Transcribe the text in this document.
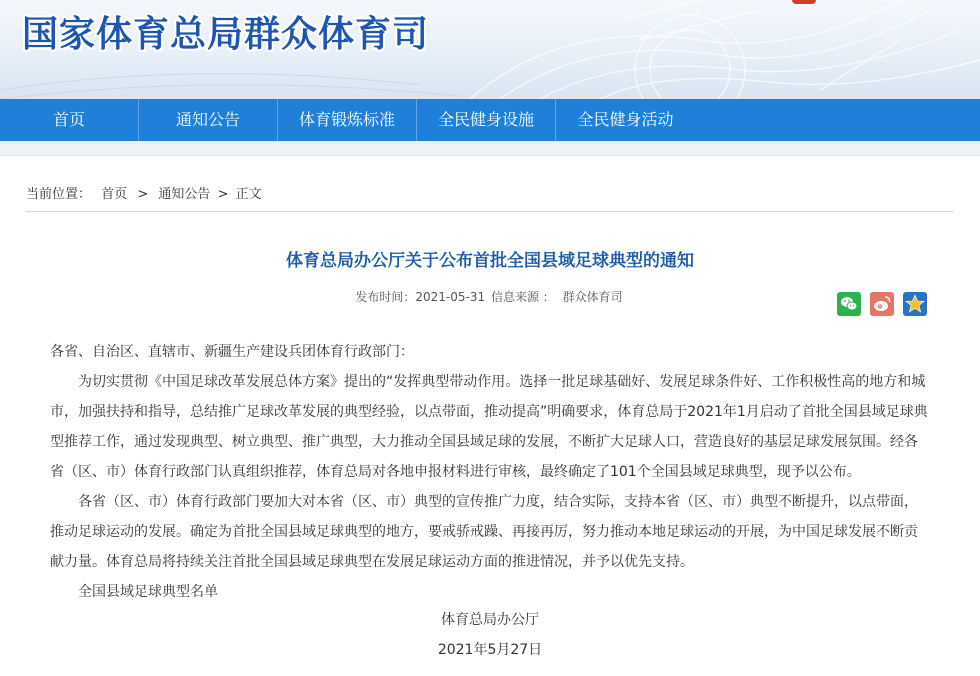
国家体育总局群众体育司
首页	通知公告	体育锻炼标准	全民健身设施	全民健身活动
当前位置： 首页 > 通知公告 > 正文
体育总局办公厅关于公布首批全国县域足球典型的通知
发布时间：2021-05-31 信息来源 ： 群众体育司

各省、自治区、直辖市、新疆生产建设兵团体育行政部门：

为切实贯彻《中国足球改革发展总体方案》提出的“发挥典型带动作用。选择一批足球基础好、发展足球条件好、工作积极性高的地方和城市，加强扶持和指导，总结推广足球改革发展的典型经验，以点带面，推动提高”明确要求，体育总局于2021年1月启动了首批全国县域足球典型推荐工作，通过发现典型、树立典型、推广典型，大力推动全国县域足球的发展，不断扩大足球人口，营造良好的基层足球发展氛围。经各省（区、市）体育行政部门认真组织推荐，体育总局对各地申报材料进行审核，最终确定了101个全国县域足球典型，现予以公布。

各省（区、市）体育行政部门要加大对本省（区、市）典型的宣传推广力度，结合实际，支持本省（区、市）典型不断提升，以点带面，推动足球运动的发展。确定为首批全国县域足球典型的地方，要戒骄戒躁、再接再厉，努力推动本地足球运动的开展，为中国足球发展不断贡献力量。体育总局将持续关注首批全国县域足球典型在发展足球运动方面的推进情况，并予以优先支持。

全国县域足球典型名单

体育总局办公厅
2021年5月27日
